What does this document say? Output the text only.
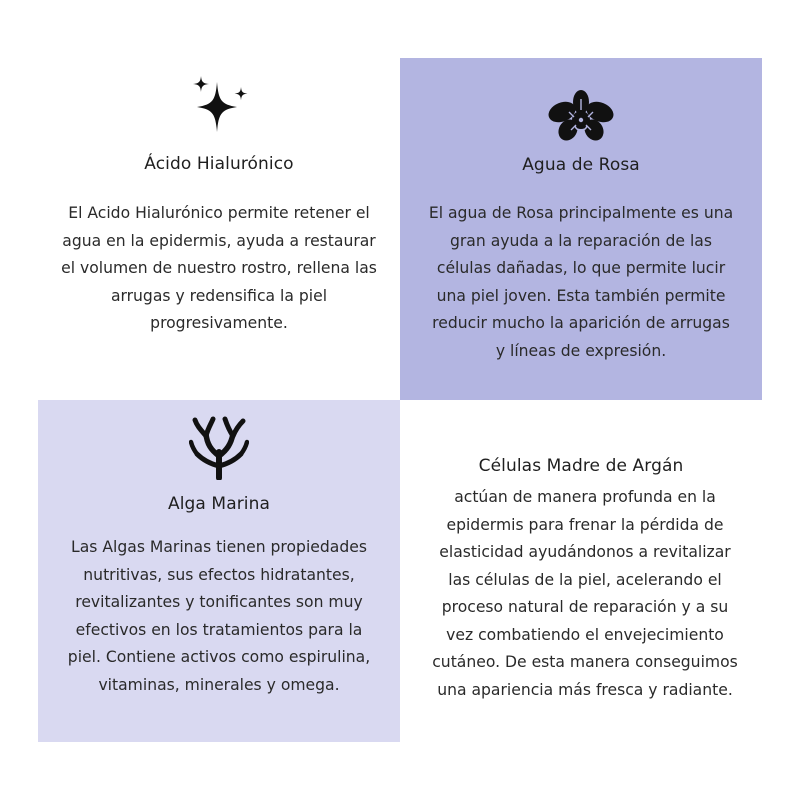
Ácido Hialurónico
El Acido Hialurónico permite retener el
agua en la epidermis, ayuda a restaurar
el volumen de nuestro rostro, rellena las
arrugas y redensifica la piel
progresivamente.
Agua de Rosa
El agua de Rosa principalmente es una
gran ayuda a la reparación de las
células dañadas, lo que permite lucir
una piel joven. Esta también permite
reducir mucho la aparición de arrugas
y líneas de expresión.
Alga Marina
Las Algas Marinas tienen propiedades
nutritivas, sus efectos hidratantes,
revitalizantes y tonificantes son muy
efectivos en los tratamientos para la
piel. Contiene activos como espirulina,
vitaminas, minerales y omega.
Células Madre de Argán
actúan de manera profunda en la
epidermis para frenar la pérdida de
elasticidad ayudándonos a revitalizar
las células de la piel, acelerando el
proceso natural de reparación y a su
vez combatiendo el envejecimiento
cutáneo. De esta manera conseguimos
una apariencia más fresca y radiante.
